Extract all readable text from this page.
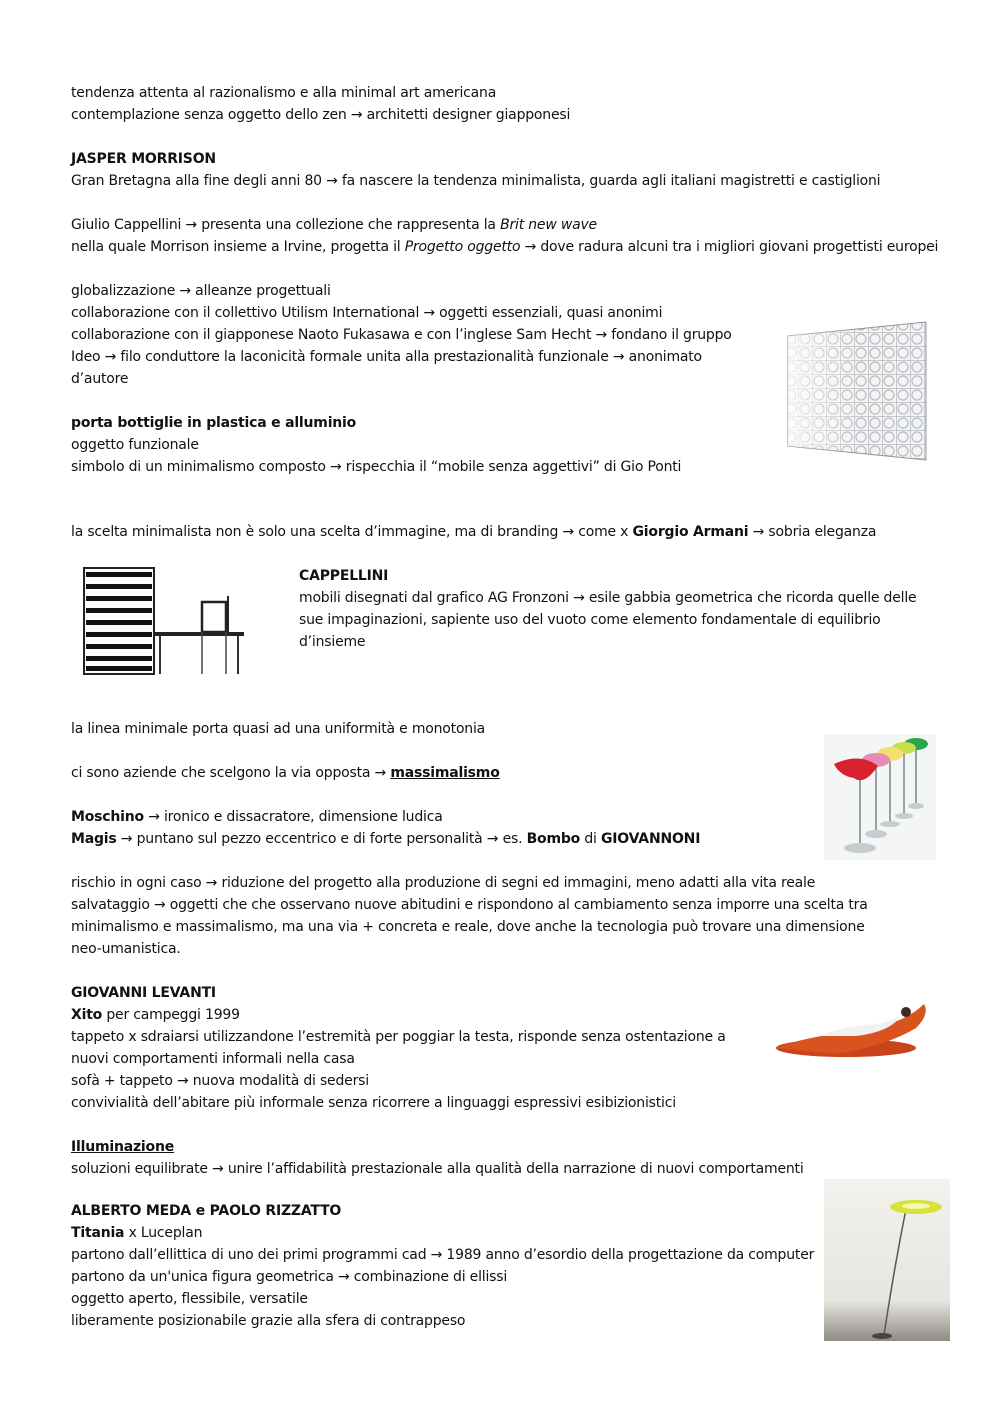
tendenza attenta al razionalismo e alla minimal art americana
contemplazione senza oggetto dello zen → architetti designer giapponesi
JASPER MORRISON
Gran Bretagna alla fine degli anni 80 → fa nascere la tendenza minimalista, guarda agli italiani magistretti e castiglioni
Giulio Cappellini → presenta una collezione che rappresenta la Brit new wave
nella quale Morrison insieme a Irvine, progetta il Progetto oggetto → dove radura alcuni tra i migliori giovani progettisti europei
globalizzazione → alleanze progettuali
collaborazione con il collettivo Utilism International → oggetti essenziali, quasi anonimi
collaborazione con il giapponese Naoto Fukasawa e con l’inglese Sam Hecht → fondano il gruppo
Ideo → filo conduttore la laconicità formale unita alla prestazionalità funzionale → anonimato
d’autore
porta bottiglie in plastica e alluminio
oggetto funzionale
simbolo di un minimalismo composto → rispecchia il “mobile senza aggettivi” di Gio Ponti
la scelta minimalista non è solo una scelta d’immagine, ma di branding → come x Giorgio Armani → sobria eleganza
CAPPELLINI
mobili disegnati dal grafico AG Fronzoni → esile gabbia geometrica che ricorda quelle delle
sue impaginazioni, sapiente uso del vuoto come elemento fondamentale di equilibrio
d’insieme
la linea minimale porta quasi ad una uniformità e monotonia
ci sono aziende che scelgono la via opposta → massimalismo
Moschino → ironico e dissacratore, dimensione ludica
Magis → puntano sul pezzo eccentrico e di forte personalità → es. Bombo di GIOVANNONI
rischio in ogni caso → riduzione del progetto alla produzione di segni ed immagini, meno adatti alla vita reale
salvataggio → oggetti che che osservano nuove abitudini e rispondono al cambiamento senza imporre una scelta tra
minimalismo e massimalismo, ma una via + concreta e reale, dove anche la tecnologia può trovare una dimensione
neo-umanistica.
GIOVANNI LEVANTI
Xito per campeggi 1999
tappeto x sdraiarsi utilizzandone l’estremità per poggiar la testa, risponde senza ostentazione a
nuovi comportamenti informali nella casa
sofà + tappeto → nuova modalità di sedersi
convivialità dell’abitare più informale senza ricorrere a linguaggi espressivi esibizionistici
Illuminazione
soluzioni equilibrate → unire l’affidabilità prestazionale alla qualità della narrazione di nuovi comportamenti
ALBERTO MEDA e PAOLO RIZZATTO
Titania x Luceplan
partono dall’ellittica di uno dei primi programmi cad → 1989 anno d’esordio della progettazione da computer
partono da un'unica figura geometrica → combinazione di ellissi
oggetto aperto, flessibile, versatile
liberamente posizionabile grazie alla sfera di contrappeso
